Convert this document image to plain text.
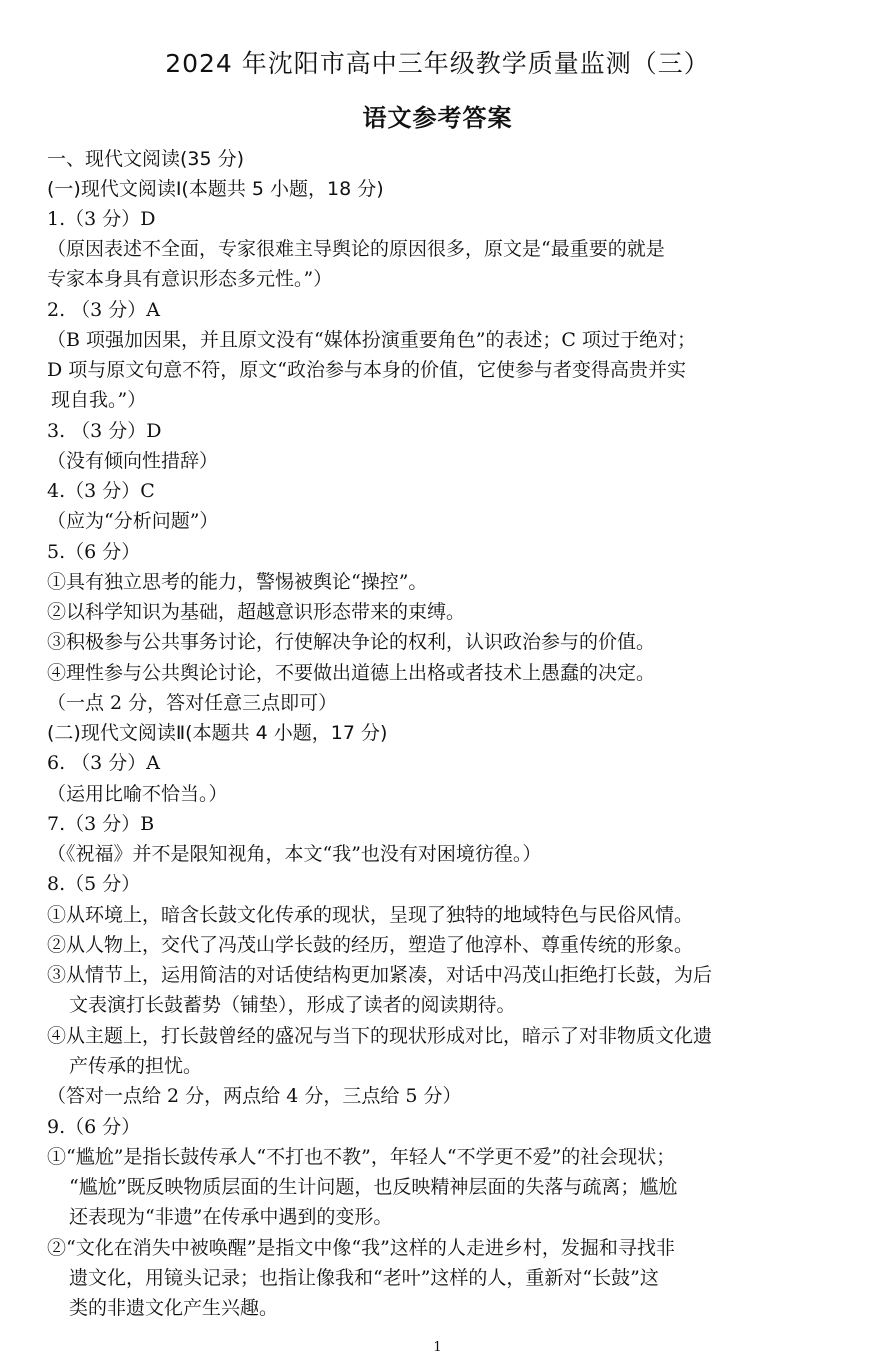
2024 年沈阳市高中三年级教学质量监测（三）
语文参考答案
一、现代文阅读(35 分)
(一)现代文阅读Ⅰ(本题共 5 小题，18 分)
1.（3 分）D
（原因表述不全面，专家很难主导舆论的原因很多，原文是“最重要的就是
专家本身具有意识形态多元性。”）
2. （3 分）A
（B 项强加因果，并且原文没有“媒体扮演重要角色”的表述；C 项过于绝对；
D 项与原文句意不符，原文“政治参与本身的价值，它使参与者变得高贵并实
现自我。”）
3. （3 分）D
（没有倾向性措辞）
4.（3 分）C
（应为“分析问题”）
5.（6 分）
①具有独立思考的能力，警惕被舆论“操控”。
②以科学知识为基础，超越意识形态带来的束缚。
③积极参与公共事务讨论，行使解决争论的权利，认识政治参与的价值。
④理性参与公共舆论讨论，不要做出道德上出格或者技术上愚蠢的决定。
（一点 2 分，答对任意三点即可）
(二)现代文阅读Ⅱ(本题共 4 小题，17 分)
6. （3 分）A
（运用比喻不恰当。）
7.（3 分）B
（《祝福》并不是限知视角，本文“我”也没有对困境彷徨。）
8.（5 分）
①从环境上，暗含长鼓文化传承的现状，呈现了独特的地域特色与民俗风情。
②从人物上，交代了冯茂山学长鼓的经历，塑造了他淳朴、尊重传统的形象。
③从情节上，运用简洁的对话使结构更加紧凑，对话中冯茂山拒绝打长鼓，为后
文表演打长鼓蓄势（铺垫），形成了读者的阅读期待。
④从主题上，打长鼓曾经的盛况与当下的现状形成对比，暗示了对非物质文化遗
产传承的担忧。
（答对一点给 2 分，两点给 4 分，三点给 5 分）
9.（6 分）
①“尴尬”是指长鼓传承人“不打也不教”，年轻人“不学更不爱”的社会现状；
“尴尬”既反映物质层面的生计问题，也反映精神层面的失落与疏离；尴尬
还表现为“非遗”在传承中遇到的变形。
②“文化在消失中被唤醒”是指文中像“我”这样的人走进乡村，发掘和寻找非
遗文化，用镜头记录；也指让像我和“老叶”这样的人，重新对“长鼓”这
类的非遗文化产生兴趣。
1
